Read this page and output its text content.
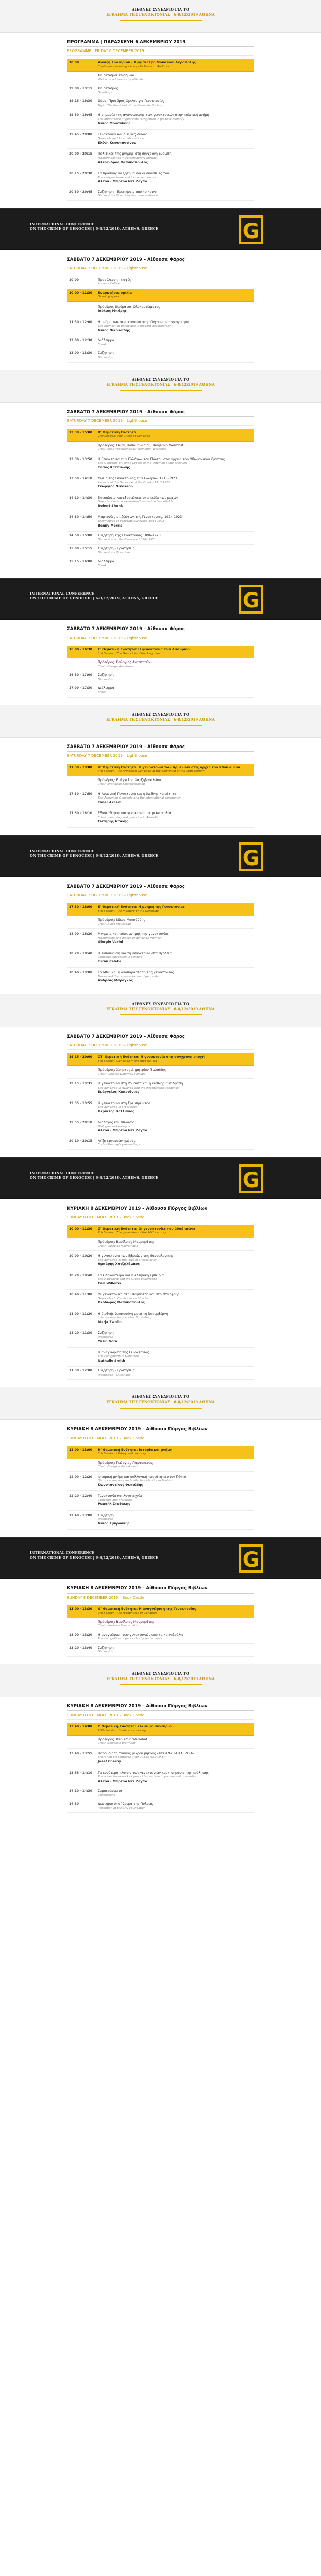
ΔΙΕΘΝΕΣ ΣΥΝΕΔΡΙΟ ΓΙΑ ΤΟ
ΕΓΚΛΗΜΑ ΤΗΣ ΓΕΝΟΚΤΟΝΙΑΣ | 6-8/12/2019 ΑΘΗΝΑ
ΠΡΟΓΡΑΜΜΑ | ΠΑΡΑΣΚΕΥΗ 6 ΔΕΚΕΜΒΡΙΟΥ 2019
PROGRAMME | FRIDAY 6 DECEMBER 2019
18:00	Άνοιξη Συνεδρίου - Αμφιθέατρο Μουσείου Ακρόπολης
Conference opening - Acropolis Museum Auditorium
Χαιρετισμοί επισήμων
Welcome addresses by officials
19:00 - 19:15	Χαιρετισμός
Greetings
19:15 - 19:30	Θέμα: Πρόεδρος Ομίλου για Γενοκτονίες
Topic: The President of the Genocide Society
19:30 - 19:45	Η σημασία της αναγνώρισης των γενοκτονιών στην πολιτική μνήμη
The importance of genocide recognition in political memory
Νίκος Μουσάδδης
19:45 - 20:00	Γενοκτονία και Διεθνές Δίκαιο
Genocide and International Law
Ελένη Κωνσταντίνου
20:00 - 20:15	Πολιτικές της μνήμης στη σύγχρονη Ευρώπη
Memory politics in contemporary Europe
Αλέξανδρος Παπαδόπουλος
20:15 - 20:30	Το προσφυγικό ζήτημα και οι συνέπειές του
The refugee issue and its consequences
Άλτον - Μάρτον Ντε Ζαγάν
20:30 - 20:45	Συζήτηση - Ερωτήσεις από το κοινό
Discussion - Questions from the audience
INTERNATIONAL CONFERENCE
ON THE CRIME OF GENOCIDE | 6-8/12/2019, ATHENS, GREECE	G
ΣΑΒΒΑΤΟ 7 ΔΕΚΕΜΒΡΙΟΥ 2019 – Αίθουσα Φάρος
SATURDAY 7 DECEMBER 2019 – Lighthouse
10:00	Προσέλευση - Καφές
Arrival - Coffee
10:00 - 11:30	Εναρκτήρια ομιλία
Opening speech
Πρόεδρος Ιδρύματος Ολοκαυτώματος
Ιούλιος Μπάρης
11:30 - 12:00	Η μνήμη των γενοκτονιών στη σύγχρονη ιστοριογραφία
The memory of genocides in modern historiography
Νίκος Νικολαΐδης
12:00 - 12:30	Διάλειμμα
Break
13:00 - 13:30	Συζήτηση
Discussion
ΔΙΕΘΝΕΣ ΣΥΝΕΔΡΙΟ ΓΙΑ ΤΟ
ΕΓΚΛΗΜΑ ΤΗΣ ΓΕΝΟΚΤΟΝΙΑΣ | 6-8/12/2019 ΑΘΗΝΑ
ΣΑΒΒΑΤΟ 7 ΔΕΚΕΜΒΡΙΟΥ 2019 – Αίθουσα Φάρος
SATURDAY 7 DECEMBER 2019 – Lighthouse
13:30 - 15:00	Β' Θεματική Ενότητα
2nd Session: The Crime of Genocide
Πρόεδρος: Ηλίας Παπαθανασίου, Benjamin Wermhat
Chair: Elias Papathanasiou, Benjamin Wermhat
13:30 - 13:50	Η Γενοκτονία των Ελλήνων του Πόντου στα αρχεία του Οθωμανικού Κράτους
The Genocide of Pontic Greeks in the Ottoman State archives
Τασος Κατσιώνης
13:50 - 14:10	Όψεις της Γενοκτονίας των Ελλήνων 1913-1923
Aspects of the Genocide of the Greeks 1913-1923
Γεώργιος Νικολάου
14:10 - 14:30	Εκτοπίσεις και εξοντώσεις στα πεδία των μαχών
Deportations and exterminations on the battlefields
Robert Shenk
14:30 - 14:50	Μαρτυρίες επιζώντων της Γενοκτονίας, 1914-1923
Testimonies of genocide survivors, 1914-1923
Benny Morris
14:50 - 15:00	Συζήτηση της Γενοκτονίας 1896-1923
Discussion on the Genocide 1896-1923
15:00 - 15:15	Συζήτηση - Ερωτήσεις
Discussion - Questions
15:15 - 16:00	Διάλειμμα
Break
INTERNATIONAL CONFERENCE
ON THE CRIME OF GENOCIDE | 6-8/12/2019, ATHENS, GREECE	G
ΣΑΒΒΑΤΟ 7 ΔΕΚΕΜΒΡΙΟΥ 2019 – Αίθουσα Φάρος
SATURDAY 7 DECEMBER 2019 – Lighthouse
16:00 - 16:30	Γ' Θεματική Ενότητα: Η γενοκτονία των Ασσυρίων
3rd Session: The Genocide of the Assyrians
Πρόεδρος: Γεώργιος Αναστασίου
Chair: George Anastasiou
16:30 - 17:00	Συζήτηση
Discussion
17:00 - 17:30	Διάλειμμα
Break
ΔΙΕΘΝΕΣ ΣΥΝΕΔΡΙΟ ΓΙΑ ΤΟ
ΕΓΚΛΗΜΑ ΤΗΣ ΓΕΝΟΚΤΟΝΙΑΣ | 6-8/12/2019 ΑΘΗΝΑ
ΣΑΒΒΑΤΟ 7 ΔΕΚΕΜΒΡΙΟΥ 2019 – Αίθουσα Φάρος
SATURDAY 7 DECEMBER 2019 – Lighthouse
17:30 - 19:00	Δ' Θεματική Ενότητα: Η γενοκτονία των Αρμενίων στις αρχές του 20ού αιώνα
4th Session: The Armenian Genocide at the beginning of the 20th century
Πρόεδρος: Ευάγγελος Χατζηβασιλείου
Chair: Evangelos Chatzivasileiou
17:30 - 17:50	Η Αρμενική Γενοκτονία και η διεθνής κοινότητα
The Armenian Genocide and the international community
Taner Akçam
17:50 - 18:10	Εθνοκάθαρση και γενοκτονία στην Ανατολία
Ethnic cleansing and genocide in Anatolia
Σωτήρης Ντάλης
INTERNATIONAL CONFERENCE
ON THE CRIME OF GENOCIDE | 6-8/12/2019, ATHENS, GREECE	G
ΣΑΒΒΑΤΟ 7 ΔΕΚΕΜΒΡΙΟΥ 2019 – Αίθουσα Φάρος
SATURDAY 7 DECEMBER 2019 – Lighthouse
17:30 - 18:00	Ε' Θεματική Ενότητα: Η μνήμη της Γενοκτονίας
5th Session: The memory of the Genocide
Πρόεδρος: Νίκος Μουσάδδης
Chair: Nikos Mousaddis
18:00 - 18:20	Μνημεία και τόποι μνήμης της γενοκτονίας
Monuments and places of genocide memory
Giorgio Varini
18:20 - 18:40	Η εκπαίδευση για τη γενοκτονία στα σχολεία
Genocide education in schools
Turan Çelebi
18:40 - 19:00	Τα ΜΜΕ και η αναπαράσταση της γενοκτονίας
Media and the representation of genocide
Ανδρέας Μαραγκός
ΔΙΕΘΝΕΣ ΣΥΝΕΔΡΙΟ ΓΙΑ ΤΟ
ΕΓΚΛΗΜΑ ΤΗΣ ΓΕΝΟΚΤΟΝΙΑΣ | 6-8/12/2019 ΑΘΗΝΑ
ΣΑΒΒΑΤΟ 7 ΔΕΚΕΜΒΡΙΟΥ 2019 – Αίθουσα Φάρος
SATURDAY 7 DECEMBER 2019 – Lighthouse
19:15 - 20:00	ΣΤ' Θεματική Ενότητα: Η γενοκτονία στη σύγχρονη εποχή
6th Session: Genocide in the modern era
Πρόεδρος: Χρήστος Δημητρίου Πωλαίδης
Chair: Christos Dimitriou Polaidis
19:15 - 19:35	Η γενοκτονία στη Ρουάντα και η διεθνής αντίδραση
The genocide in Rwanda and the international response
Ευάγγελος Καπετάνιος
19:35 - 19:55	Η γενοκτονία στη Σρεμπρένιτσα
The genocide in Srebrenica
Περικλής Βαλλιάνος
19:55 - 20:10	Διάλογος και επίλογος
Dialogue and epilogue
Άλτον - Μάρτον Ντε Ζαγάν
20:10 - 20:15	Λήξη εργασιών ημέρας
End of the day's proceedings
INTERNATIONAL CONFERENCE
ON THE CRIME OF GENOCIDE | 6-8/12/2019, ATHENS, GREECE	G
ΚΥΡΙΑΚΗ 8 ΔΕΚΕΜΒΡΙΟΥ 2019 – Αίθουσα Πύργος Βιβλίων
SUNDAY 8 DECEMBER 2019 – Book Castle
10:00 - 11:30	Ζ' Θεματική Ενότητα: Οι γενοκτονίες του 20ού αιώνα
7th Session: The genocides of the 20th century
Πρόεδρος: Βασίλειος Μαυρομάτης
Chair: Vasileios Mavromatis
10:00 - 10:20	Η γενοκτονία των Εβραίων της Θεσσαλονίκης
The genocide of the Jews of Thessaloniki
Αμπάρης Χατζηλάμπος
10:20 - 10:40	Το Ολοκαύτωμα και η ελληνική εμπειρία
The Holocaust and the Greek experience
Carl Willems
10:40 - 11:00	Οι γενοκτονίες στην Καμπότζη και στο Νταρφούρ
Genocides in Cambodia and Darfur
Θεόδωρος Παπαδόπουλος
11:00 - 11:20	Η διεθνής δικαιοσύνη μετά τη Νυρεμβέργη
International justice after Nuremberg
Marja Zwolin
11:20 - 11:30	Συζήτηση
Discussion
Yasin Göra
Η αναγνώριση της Γενοκτονίας
The recognition of Genocide
Nathalie Smith
11:30 - 12:00	Συζήτηση - Ερωτήσεις
Discussion - Questions
ΔΙΕΘΝΕΣ ΣΥΝΕΔΡΙΟ ΓΙΑ ΤΟ
ΕΓΚΛΗΜΑ ΤΗΣ ΓΕΝΟΚΤΟΝΙΑΣ | 6-8/12/2019 ΑΘΗΝΑ
ΚΥΡΙΑΚΗ 8 ΔΕΚΕΜΒΡΙΟΥ 2019 – Αίθουσα Πύργος Βιβλίων
SUNDAY 8 DECEMBER 2019 – Book Castle
12:00 - 13:00	Η' Θεματική Ενότητα: Ιστορία και μνήμη
8th Session: History and memory
Πρόεδρος: Γεώργιος Παρασκευάς
Chair: Georgios Paraskevas
12:00 - 12:20	Ιστορική μνήμη και συλλογική ταυτότητα στον Πόντο
Historical memory and collective identity in Pontus
Κωνσταντίνος Φωτιάδης
12:20 - 12:40	Γενοκτονία και λογοτεχνία
Genocide and literature
Ραφαήλ Σταθάκης
12:40 - 13:00	Συζήτηση
Discussion
Νίκος Σμυρνάκης
INTERNATIONAL CONFERENCE
ON THE CRIME OF GENOCIDE | 6-8/12/2019, ATHENS, GREECE	G
ΚΥΡΙΑΚΗ 8 ΔΕΚΕΜΒΡΙΟΥ 2019 – Αίθουσα Πύργος Βιβλίων
SUNDAY 8 DECEMBER 2019 – Book Castle
13:00 - 13:30	Θ' Θεματική Ενότητα: Η αναγνώριση της Γενοκτονίας
9th Session: The recognition of Genocide
Πρόεδρος: Βασίλειος Μαυρομάτης
Chair: Vasileios Mavromatis
13:00 - 13:20	Η αναγνώριση των γενοκτονιών από τα κοινοβούλια
The recognition of genocides by parliaments
13:20 - 13:40	Συζήτηση
Discussion
ΔΙΕΘΝΕΣ ΣΥΝΕΔΡΙΟ ΓΙΑ ΤΟ
ΕΓΚΛΗΜΑ ΤΗΣ ΓΕΝΟΚΤΟΝΙΑΣ | 6-8/12/2019 ΑΘΗΝΑ
ΚΥΡΙΑΚΗ 8 ΔΕΚΕΜΒΡΙΟΥ 2019 – Αίθουσα Πύργος Βιβλίων
SUNDAY 8 DECEMBER 2019 – Book Castle
13:40 - 14:00	Ι' Θεματική Ενότητα: Κλείσιμο συνεδρίου
10th Session: Conference closing
Πρόεδρος: Benjamin Wermhat
Chair: Benjamin Wermhat
13:40 - 13:55	Παρουσίαση ταινίας μικρού μήκους «ΠΡΟΣΦΥΓΙΑ ΚΑΙ ΖΩΗ»
Short film presentation «REFUGEES AND LIFE»
Josef Charny
13:55 - 14:10	Το ευρύτερο πλαίσιο των γενοκτονιών και η σημασία της πρόληψης
The wider framework of genocides and the importance of prevention
Άλτον - Μάρτον Ντε Ζαγάν
14:10 - 14:30	Συμπεράσματα
Conclusions
14:30	Δεκτήριο στο Ίδρυμα της Πόλεως
Reception at the City Foundation
